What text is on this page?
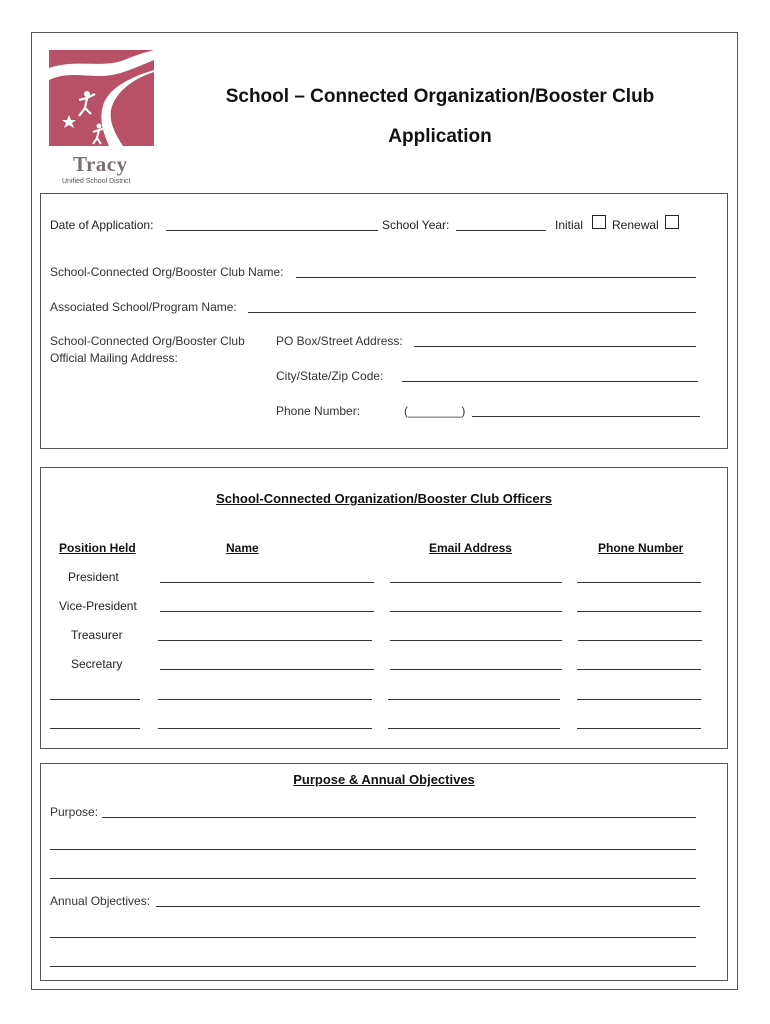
Tracy
Unified School District
School – Connected Organization/Booster Club
Application
Date of Application:	School Year:	Initial Renewal
School-Connected Org/Booster Club Name:
Associated School/Program Name:
School-Connected Org/Booster Club
Official Mailing Address:
PO Box/Street Address:
City/State/Zip Code:
Phone Number:	(________)
School-Connected Organization/Booster Club Officers
Position Held	Name	Email Address	Phone Number
President
Vice-President
Treasurer
Secretary
Purpose & Annual Objectives
Purpose:
Annual Objectives:
